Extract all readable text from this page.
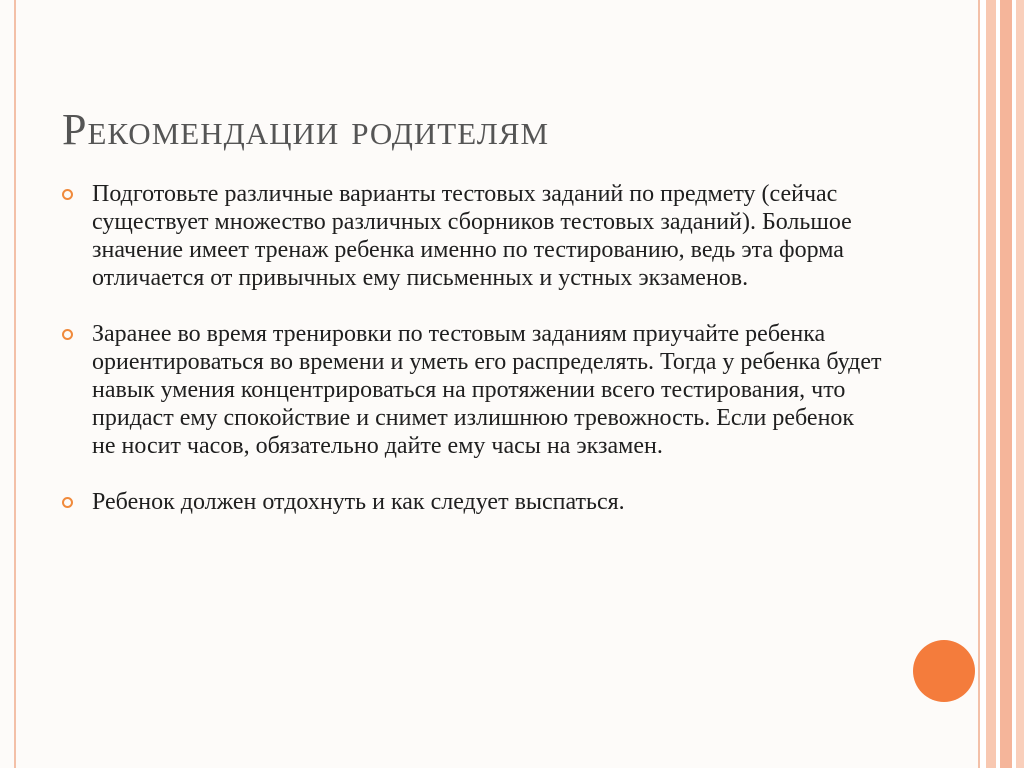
Рекомендации родителям
Подготовьте различные варианты тестовых заданий по предмету (сейчас существует множество различных сборников тестовых заданий). Большое значение имеет тренаж ребенка именно по тестированию, ведь эта форма отличается от привычных ему письменных и устных экзаменов.
Заранее во время тренировки по тестовым заданиям приучайте ребенка ориентироваться во времени и уметь его распределять. Тогда у ребенка будет навык умения концентрироваться на протяжении всего тестирования, что придаст ему спокойствие и снимет излишнюю тревожность. Если ребенок не носит часов, обязательно дайте ему часы на экзамен.
Ребенок должен отдохнуть и как следует выспаться.
